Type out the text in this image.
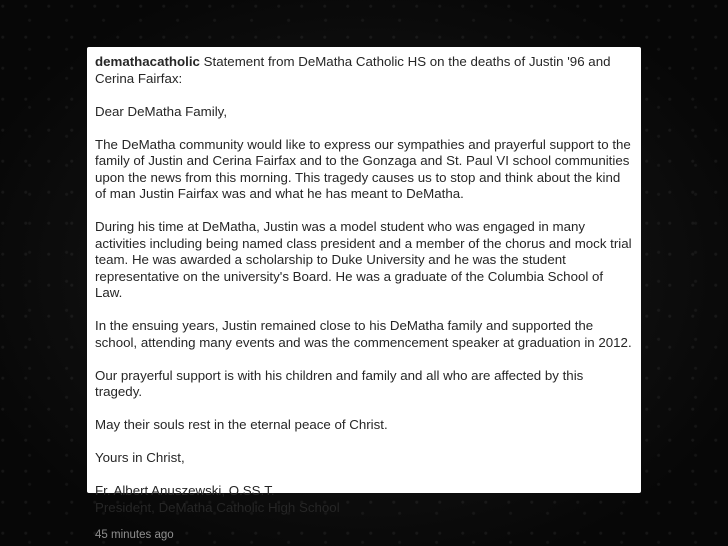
demathacatholic Statement from DeMatha Catholic HS on the deaths of Justin '96 and Cerina Fairfax:

Dear DeMatha Family,

The DeMatha community would like to express our sympathies and prayerful support to the family of Justin and Cerina Fairfax and to the Gonzaga and St. Paul VI school communities upon the news from this morning. This tragedy causes us to stop and think about the kind of man Justin Fairfax was and what he has meant to DeMatha.

During his time at DeMatha, Justin was a model student who was engaged in many activities including being named class president and a member of the chorus and mock trial team. He was awarded a scholarship to Duke University and he was the student representative on the university's Board. He was a graduate of the Columbia School of Law.

In the ensuing years, Justin remained close to his DeMatha family and supported the school, attending many events and was the commencement speaker at graduation in 2012.

Our prayerful support is with his children and family and all who are affected by this tragedy.

May their souls rest in the eternal peace of Christ.

Yours in Christ,

Fr. Albert Anuszewski, O.SS.T.
President, DeMatha Catholic High School

45 minutes ago
